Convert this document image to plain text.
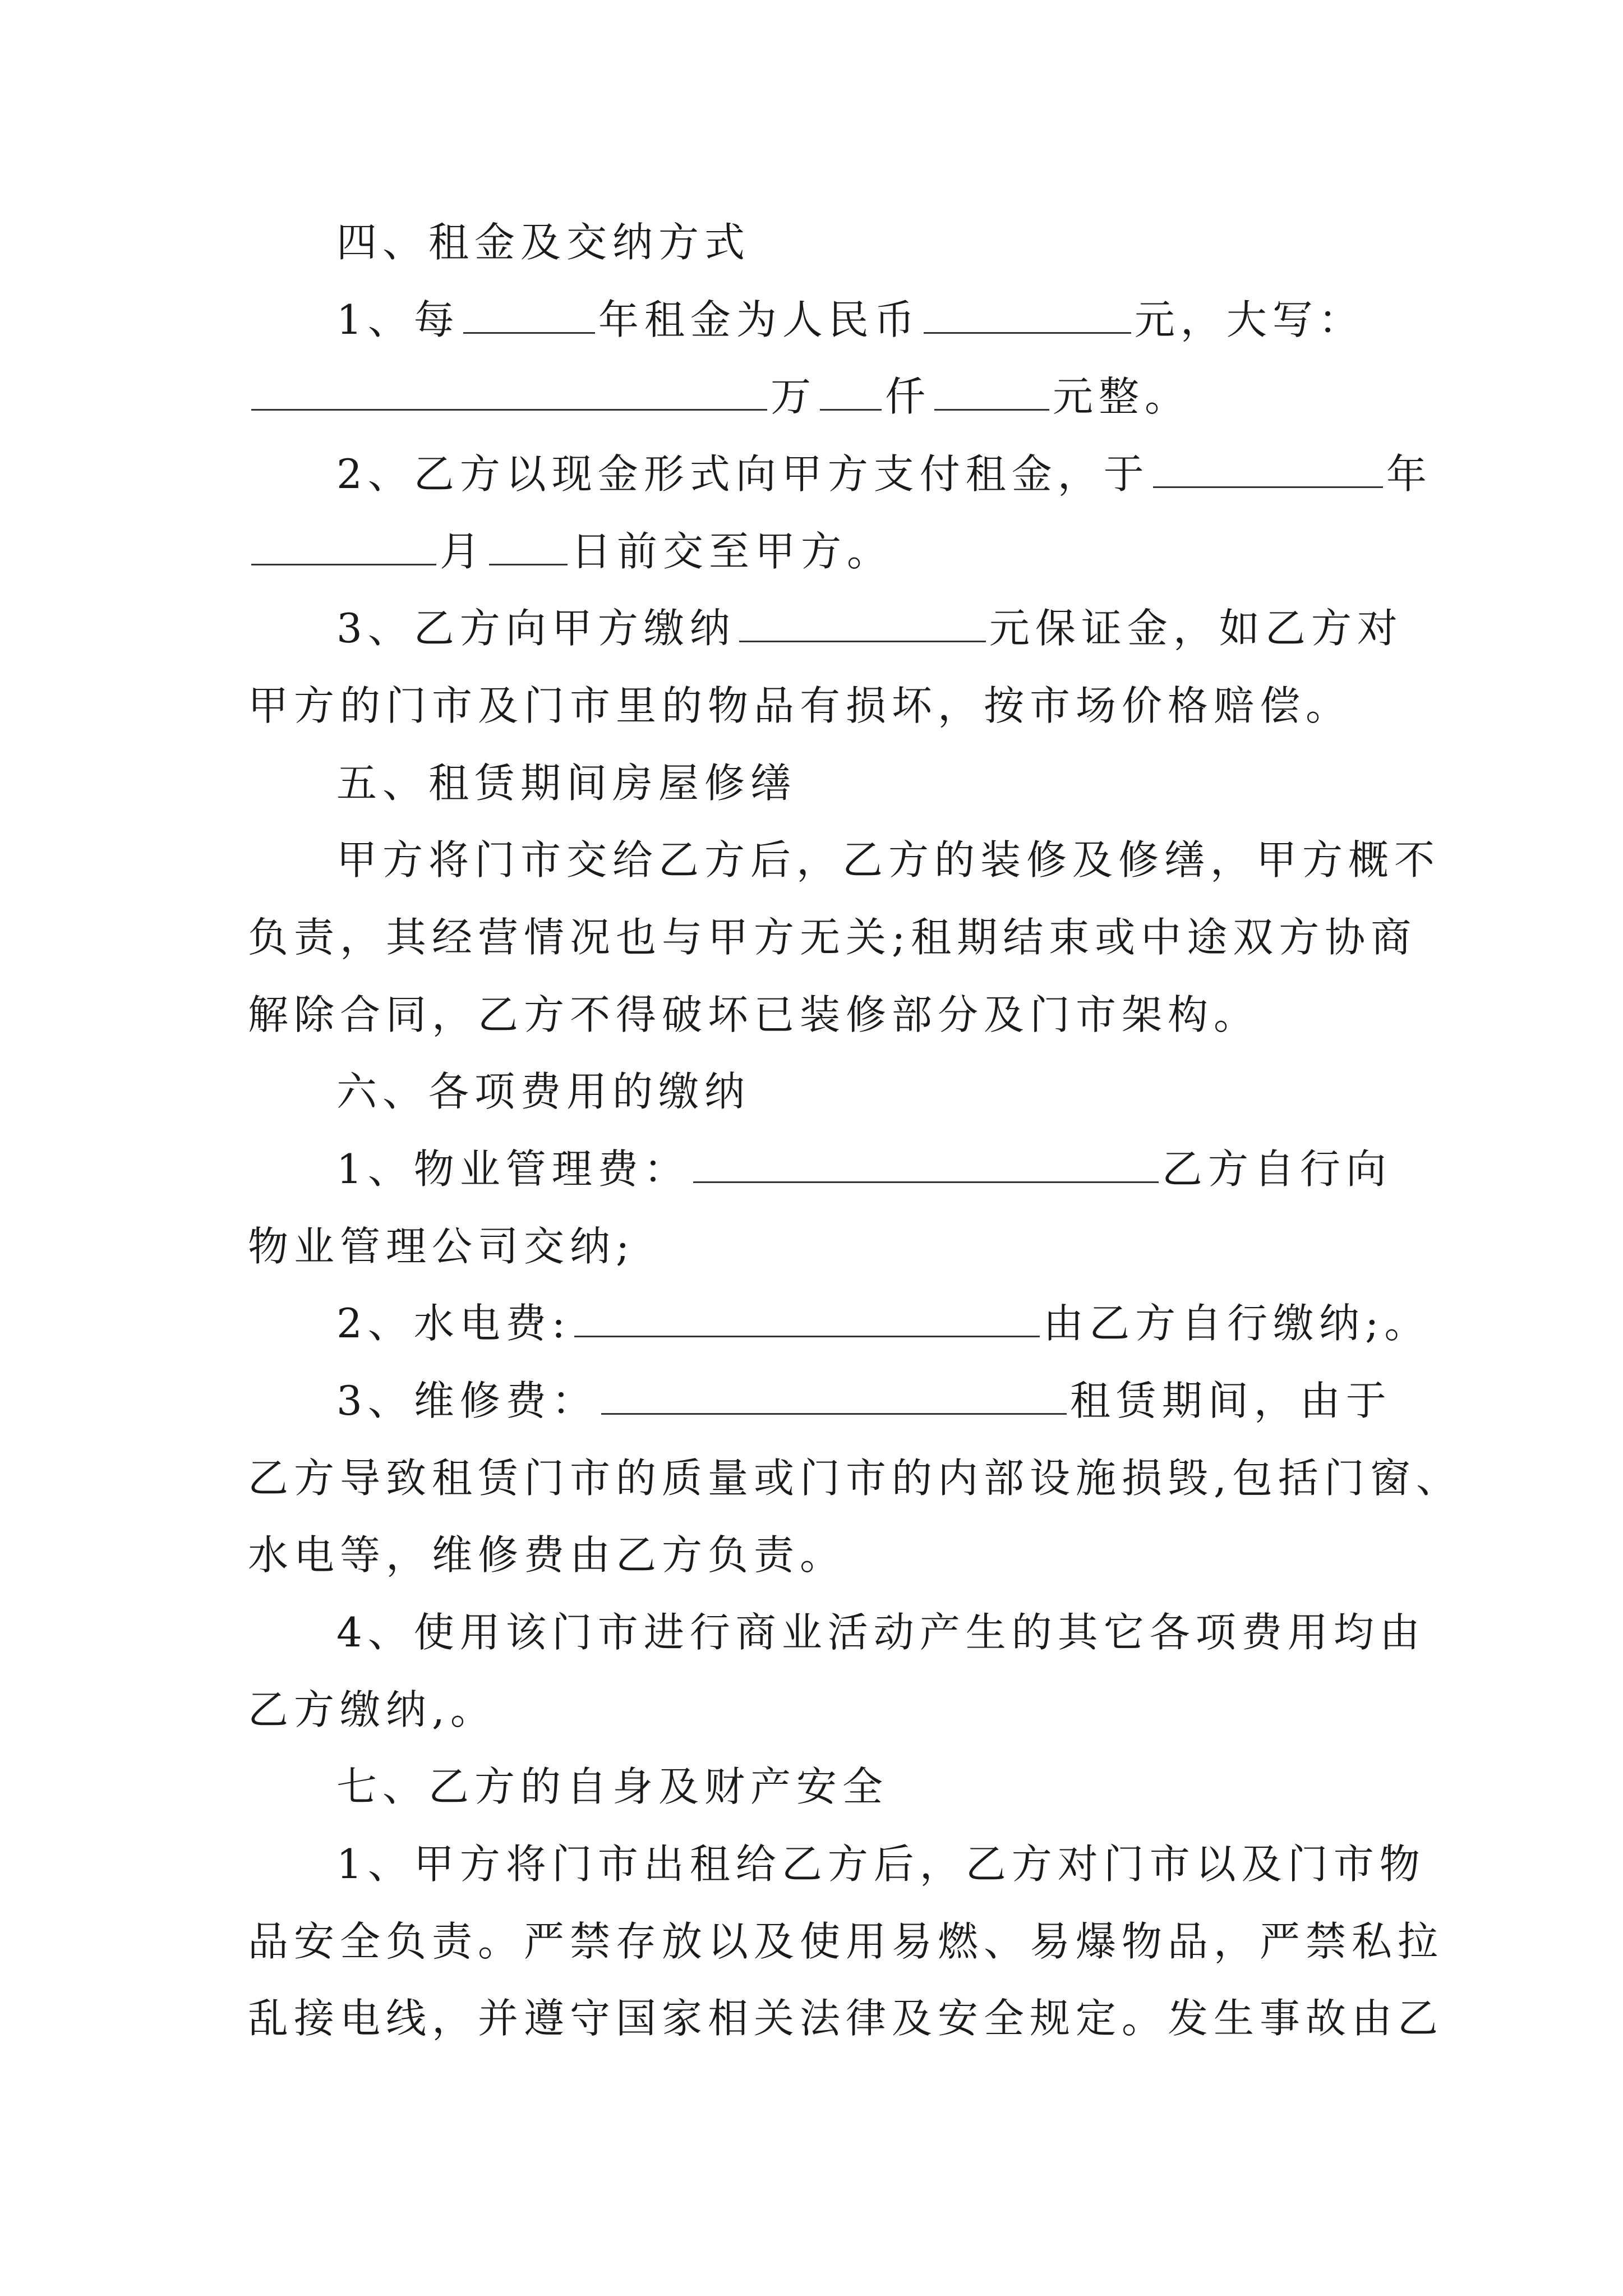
四、租金及交纳方式
1、每	年租金为人民币	元，大写：
万 仟	元整。
2、乙方以现金形式向甲方支付租金，于	年
月 日前交至甲方。
3、乙方向甲方缴纳	元保证金，如乙方对
甲方的门市及门市里的物品有损坏，按市场价格赔偿。
五、租赁期间房屋修缮
甲方将门市交给乙方后，乙方的装修及修缮，甲方概不
负责，其经营情况也与甲方无关;租期结束或中途双方协商
解除合同，乙方不得破坏已装修部分及门市架构。
六、各项费用的缴纳
1、物业管理费：	乙方自行向
物业管理公司交纳;
2、水电费:	由乙方自行缴纳;。
3、维修费：	租赁期间，由于
乙方导致租赁门市的质量或门市的内部设施损毁,包括门窗、
水电等，维修费由乙方负责。
4、使用该门市进行商业活动产生的其它各项费用均由
乙方缴纳,。
七、乙方的自身及财产安全
1、甲方将门市出租给乙方后，乙方对门市以及门市物
品安全负责。严禁存放以及使用易燃、易爆物品，严禁私拉
乱接电线，并遵守国家相关法律及安全规定。发生事故由乙
